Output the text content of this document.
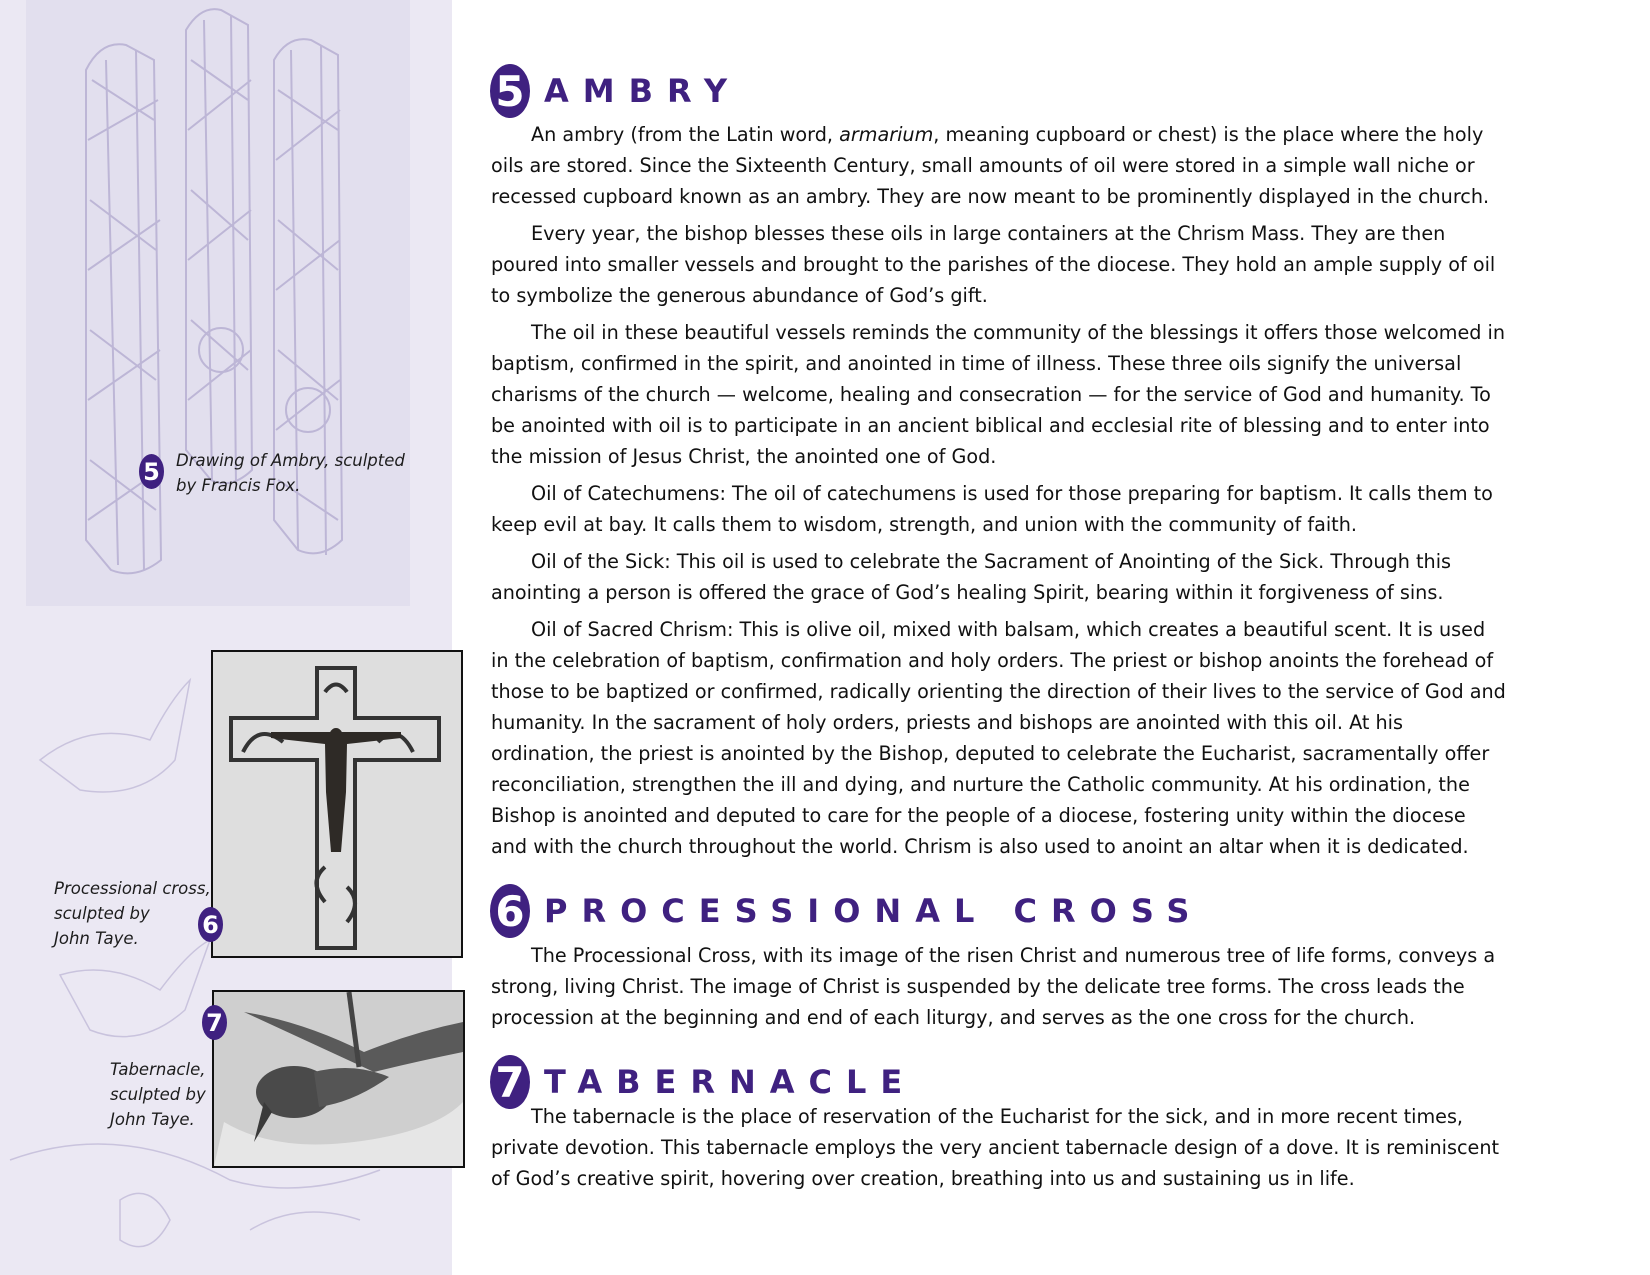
5 Drawing of Ambry, sculpted
by Francis Fox.
Processional cross,
sculpted by
John Taye.	6
7
Tabernacle,
sculpted by
John Taye.
5 AMBRY

An ambry (from the Latin word, armarium, meaning cupboard or chest) is the place where the holy oils are stored. Since the Sixteenth Century, small amounts of oil were stored in a simple wall niche or recessed cupboard known as an ambry. They are now meant to be prominently displayed in the church.

Every year, the bishop blesses these oils in large containers at the Chrism Mass. They are then poured into smaller vessels and brought to the parishes of the diocese. They hold an ample supply of oil to symbolize the generous abundance of God’s gift.

The oil in these beautiful vessels reminds the community of the blessings it offers those welcomed in baptism, confirmed in the spirit, and anointed in time of illness. These three oils signify the universal charisms of the church — welcome, healing and consecration — for the service of God and humanity. To be anointed with oil is to participate in an ancient biblical and ecclesial rite of blessing and to enter into the mission of Jesus Christ, the anointed one of God.

Oil of Catechumens: The oil of catechumens is used for those preparing for baptism. It calls them to keep evil at bay. It calls them to wisdom, strength, and union with the community of faith.

Oil of the Sick: This oil is used to celebrate the Sacrament of Anointing of the Sick. Through this anointing a person is offered the grace of God’s healing Spirit, bearing within it forgiveness of sins.

Oil of Sacred Chrism: This is olive oil, mixed with balsam, which creates a beautiful scent. It is used in the celebration of baptism, confirmation and holy orders. The priest or bishop anoints the forehead of those to be baptized or confirmed, radically orienting the direction of their lives to the service of God and humanity. In the sacrament of holy orders, priests and bishops are anointed with this oil. At his ordination, the priest is anointed by the Bishop, deputed to celebrate the Eucharist, sacramentally offer reconciliation, strengthen the ill and dying, and nurture the Catholic community. At his ordination, the Bishop is anointed and deputed to care for the people of a diocese, fostering unity within the diocese and with the church throughout the world. Chrism is also used to anoint an altar when it is dedicated.

6 PROCESSIONAL CROSS

The Processional Cross, with its image of the risen Christ and numerous tree of life forms, conveys a strong, living Christ. The image of Christ is suspended by the delicate tree forms. The cross leads the procession at the beginning and end of each liturgy, and serves as the one cross for the church.

7 TABERNACLE

The tabernacle is the place of reservation of the Eucharist for the sick, and in more recent times, private devotion. This tabernacle employs the very ancient tabernacle design of a dove. It is reminiscent of God’s creative spirit, hovering over creation, breathing into us and sustaining us in life.
